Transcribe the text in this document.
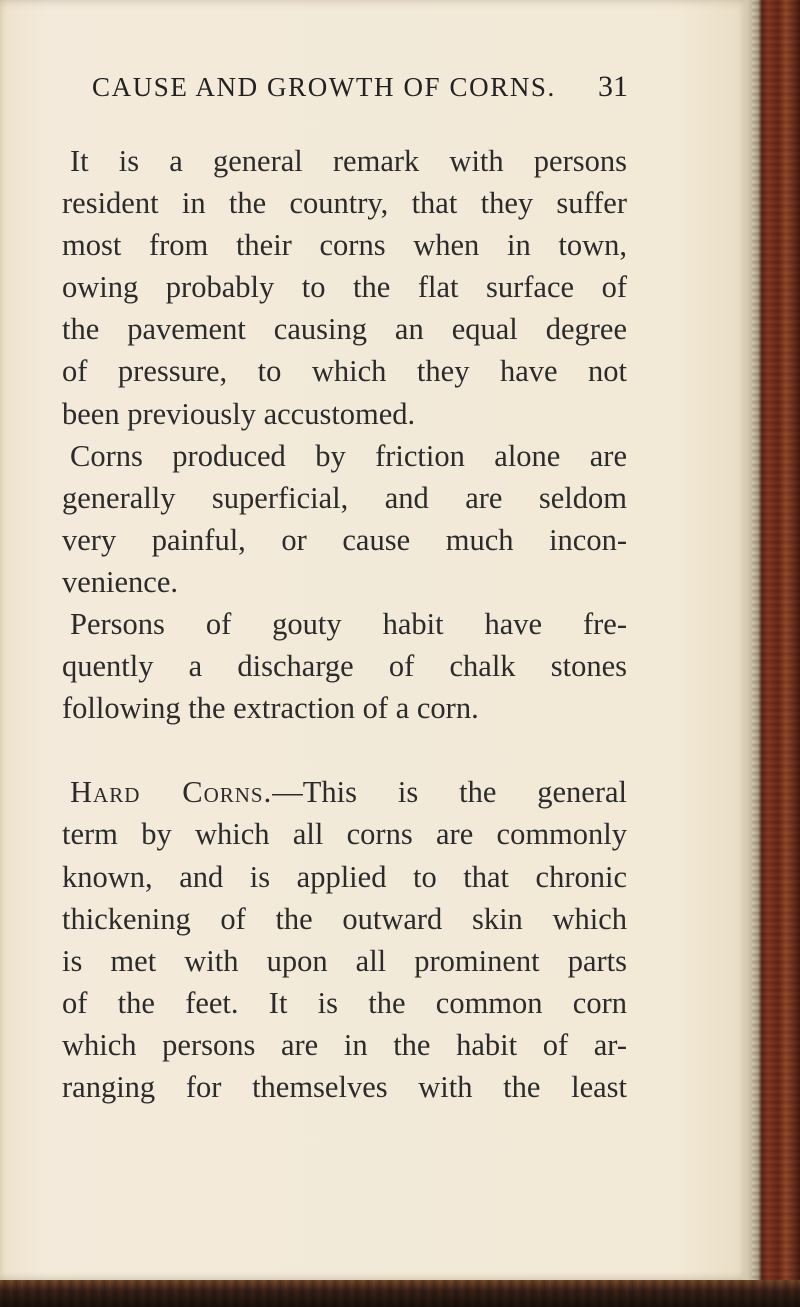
CAUSE AND GROWTH OF CORNS. 31

It is a general remark with persons
resident in the country, that they suffer
most from their corns when in town,
owing probably to the flat surface of
the pavement causing an equal degree
of pressure, to which they have not
been previously accustomed.

Corns produced by friction alone are
generally superficial, and are seldom
very painful, or cause much incon-
venience.

Persons of gouty habit have fre-
quently a discharge of chalk stones
following the extraction of a corn.

Hard Corns.—This is the general
term by which all corns are commonly
known, and is applied to that chronic
thickening of the outward skin which
is met with upon all prominent parts
of the feet. It is the common corn
which persons are in the habit of ar-
ranging for themselves with the least
